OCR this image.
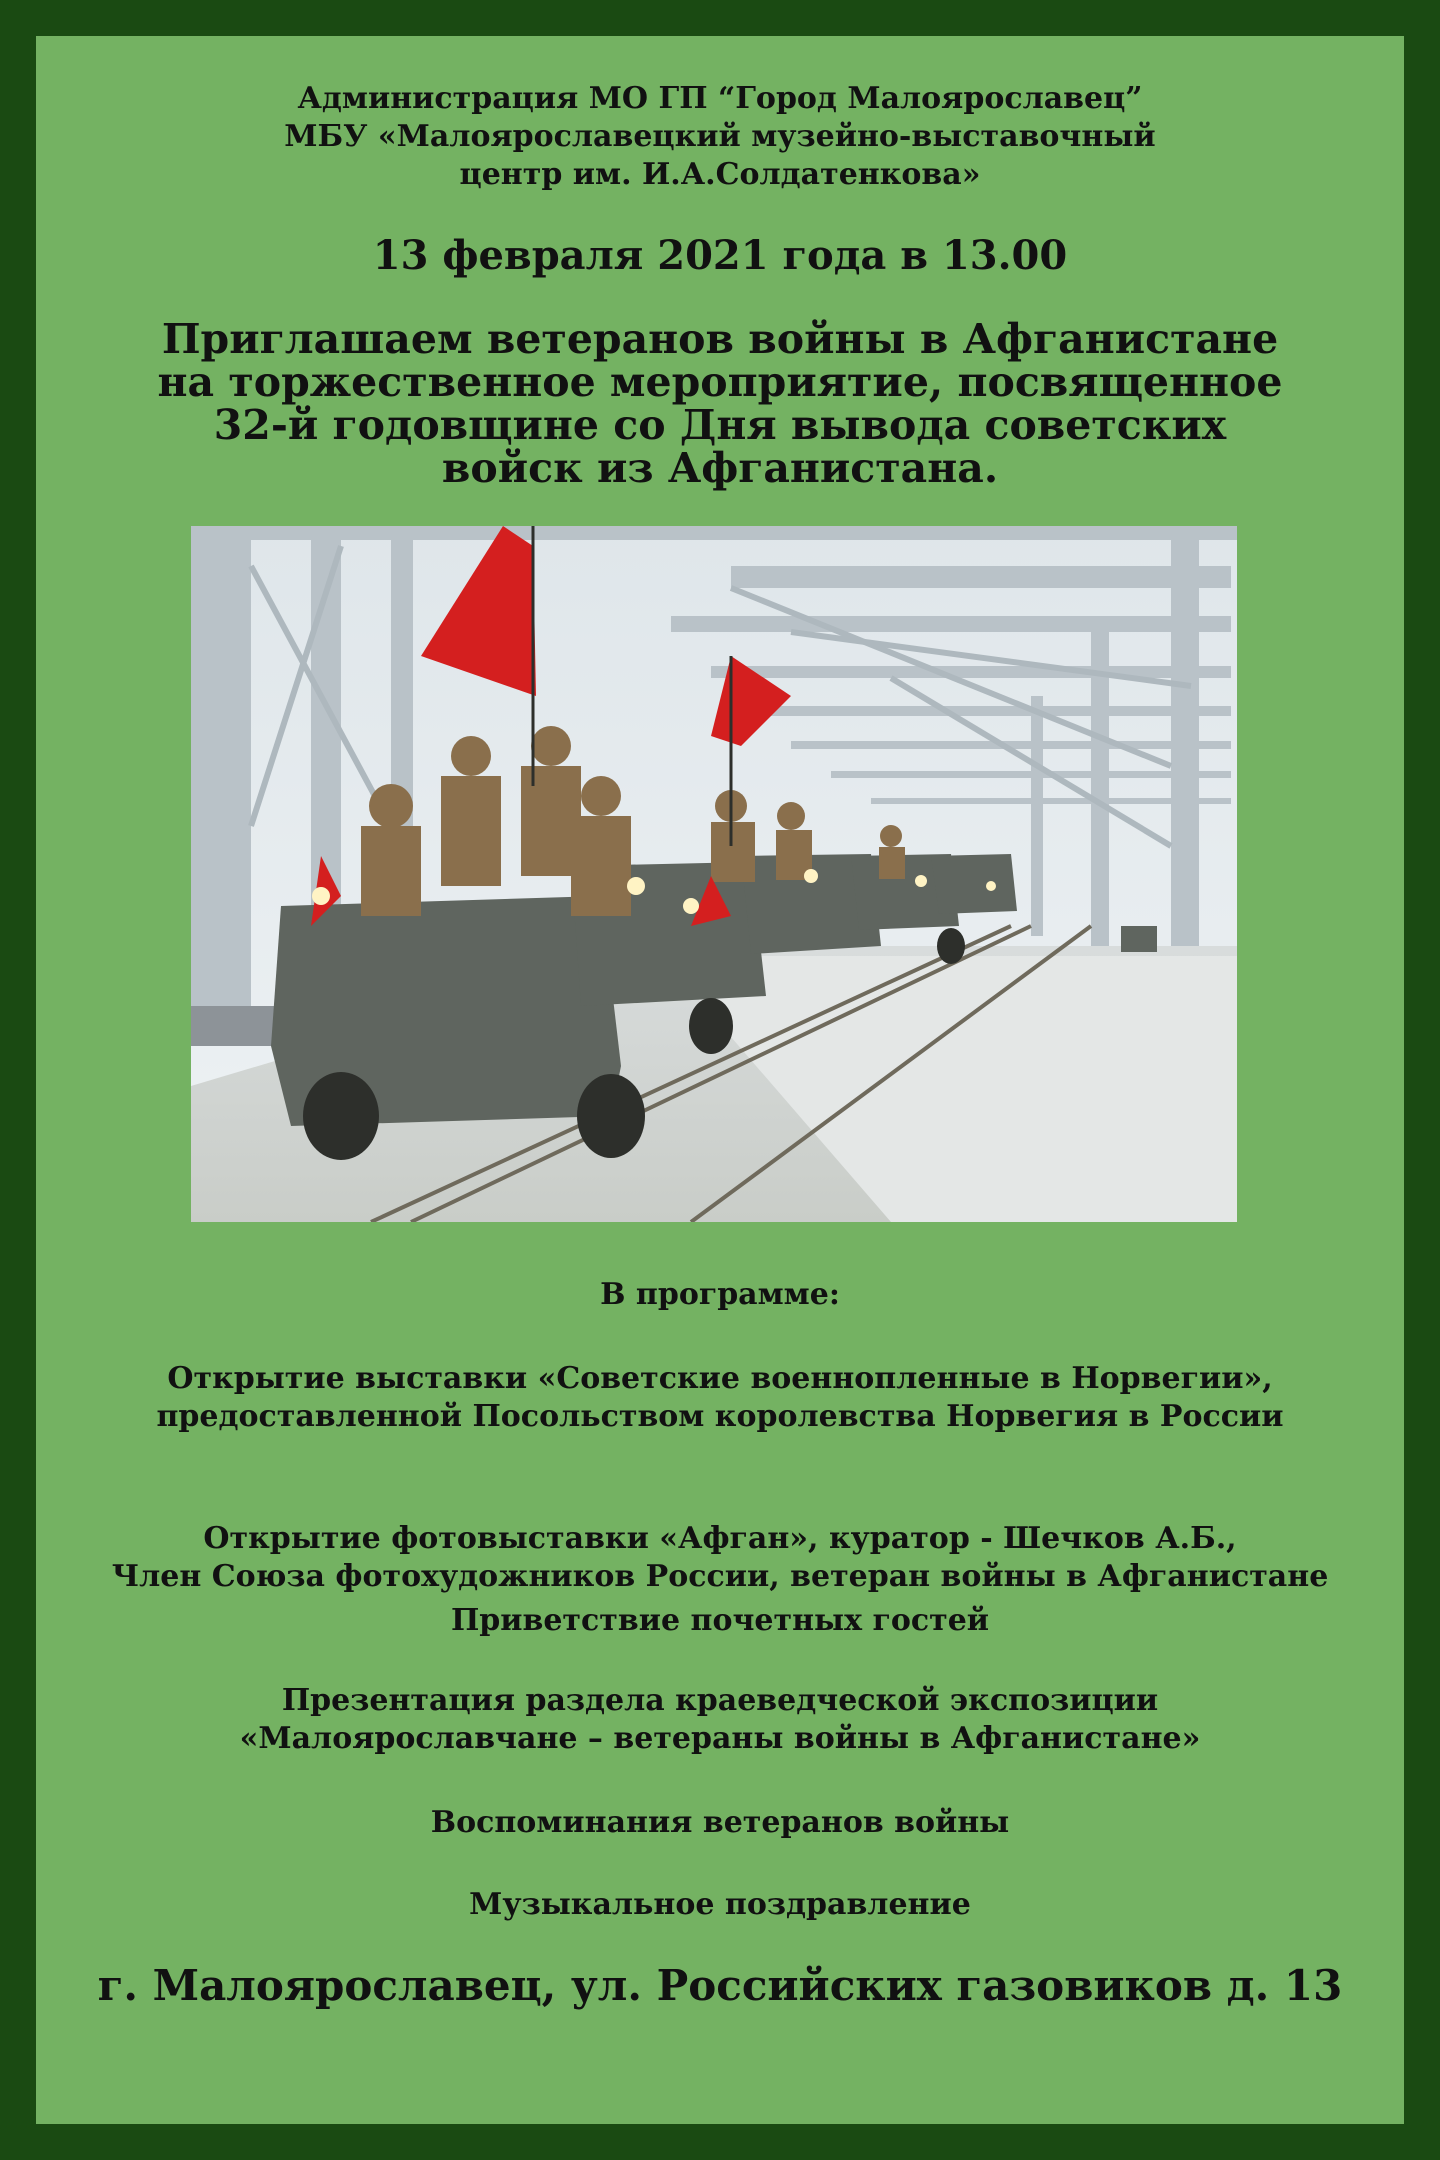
Администрация МО ГП “Город Малоярославец”
МБУ «Малоярославецкий музейно-выставочный
центр им. И.А.Солдатенкова»
13 февраля 2021 года в 13.00
Приглашаем ветеранов войны в Афганистане
на торжественное мероприятие, посвященное
32-й годовщине со Дня вывода советских
войск из Афганистана.
В программе:
Открытие выставки «Советские военнопленные в Норвегии»,
предоставленной Посольством королевства Норвегия в России
Открытие фотовыставки «Афган», куратор - Шечков А.Б.,
Член Союза фотохудожников России, ветеран войны в Афганистане
Приветствие почетных гостей
Презентация раздела краеведческой экспозиции
«Малоярославчане – ветераны войны в Афганистане»
Воспоминания ветеранов войны
Музыкальное поздравление
г. Малоярославец, ул. Российских газовиков д. 13
